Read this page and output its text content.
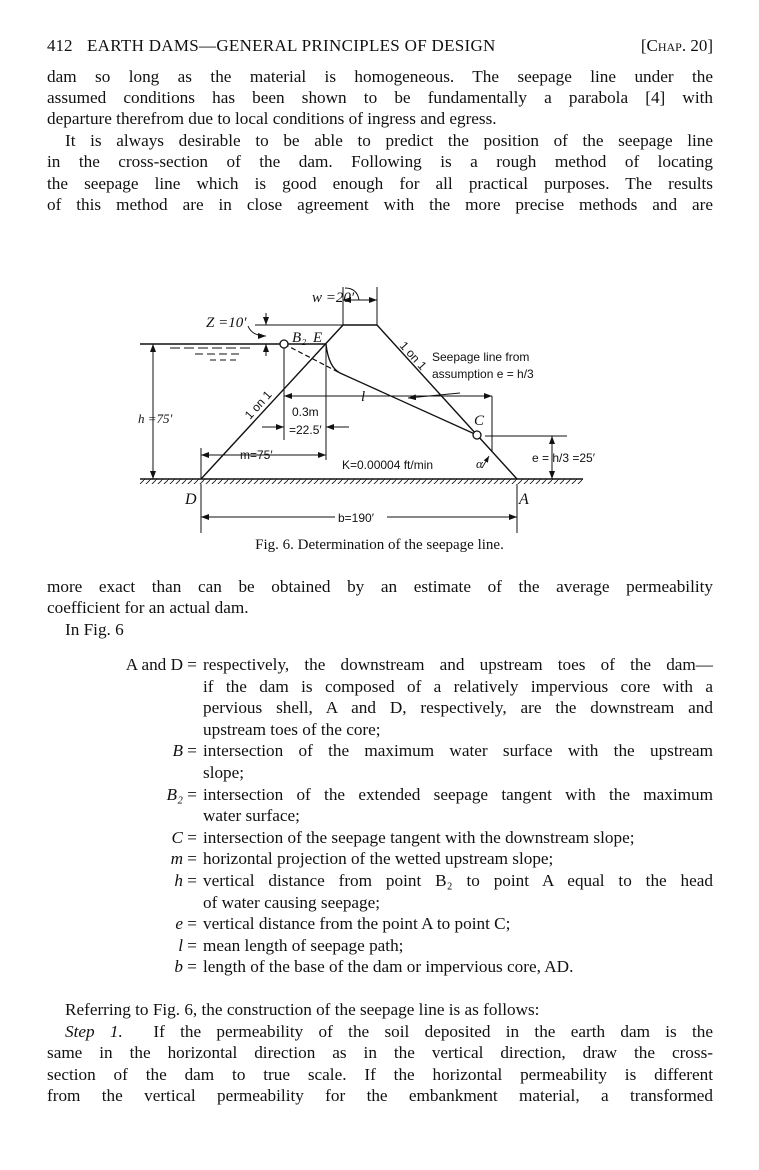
412 EARTH DAMS—GENERAL PRINCIPLES OF DESIGN	[Chap. 20]
dam so long as the material is homogeneous. The seepage line under the
assumed conditions has been shown to be fundamentally a parabola [4] with
departure therefrom due to local conditions of ingress and egress.
It is always desirable to be able to predict the position of the seepage line
in the cross-section of the dam. Following is a rough method of locating
the seepage line which is good enough for all practical purposes. The results
of this method are in close agreement with the more precise methods and are
w =20′
Z =10′
B₂ E
1 on 1 Seepage line from
assumption e = h/3
l
h =75′	1 on 1 0.3m
=22.5′
C
m=75′
K=0.00004 ft/min	α	e = h/3 =25′
D	A
b=190′
Fig. 6. Determination of the seepage line.
more exact than can be obtained by an estimate of the average permeability
coefficient for an actual dam.
In Fig. 6
A and D = respectively, the downstream and upstream toes of the dam—
if the dam is composed of a relatively impervious core with a
pervious shell, A and D, respectively, are the downstream and
upstream toes of the core;
B = intersection of the maximum water surface with the upstream
slope;
B₂ = intersection of the extended seepage tangent with the maximum
water surface;
C = intersection of the seepage tangent with the downstream slope;
m = horizontal projection of the wetted upstream slope;
h = vertical distance from point B₂ to point A equal to the head
of water causing seepage;
e = vertical distance from the point A to point C;
l = mean length of seepage path;
b = length of the base of the dam or impervious core, AD.
Referring to Fig. 6, the construction of the seepage line is as follows:
Step 1. If the permeability of the soil deposited in the earth dam is the
same in the horizontal direction as in the vertical direction, draw the cross-
section of the dam to true scale. If the horizontal permeability is different
from the vertical permeability for the embankment material, a transformed
